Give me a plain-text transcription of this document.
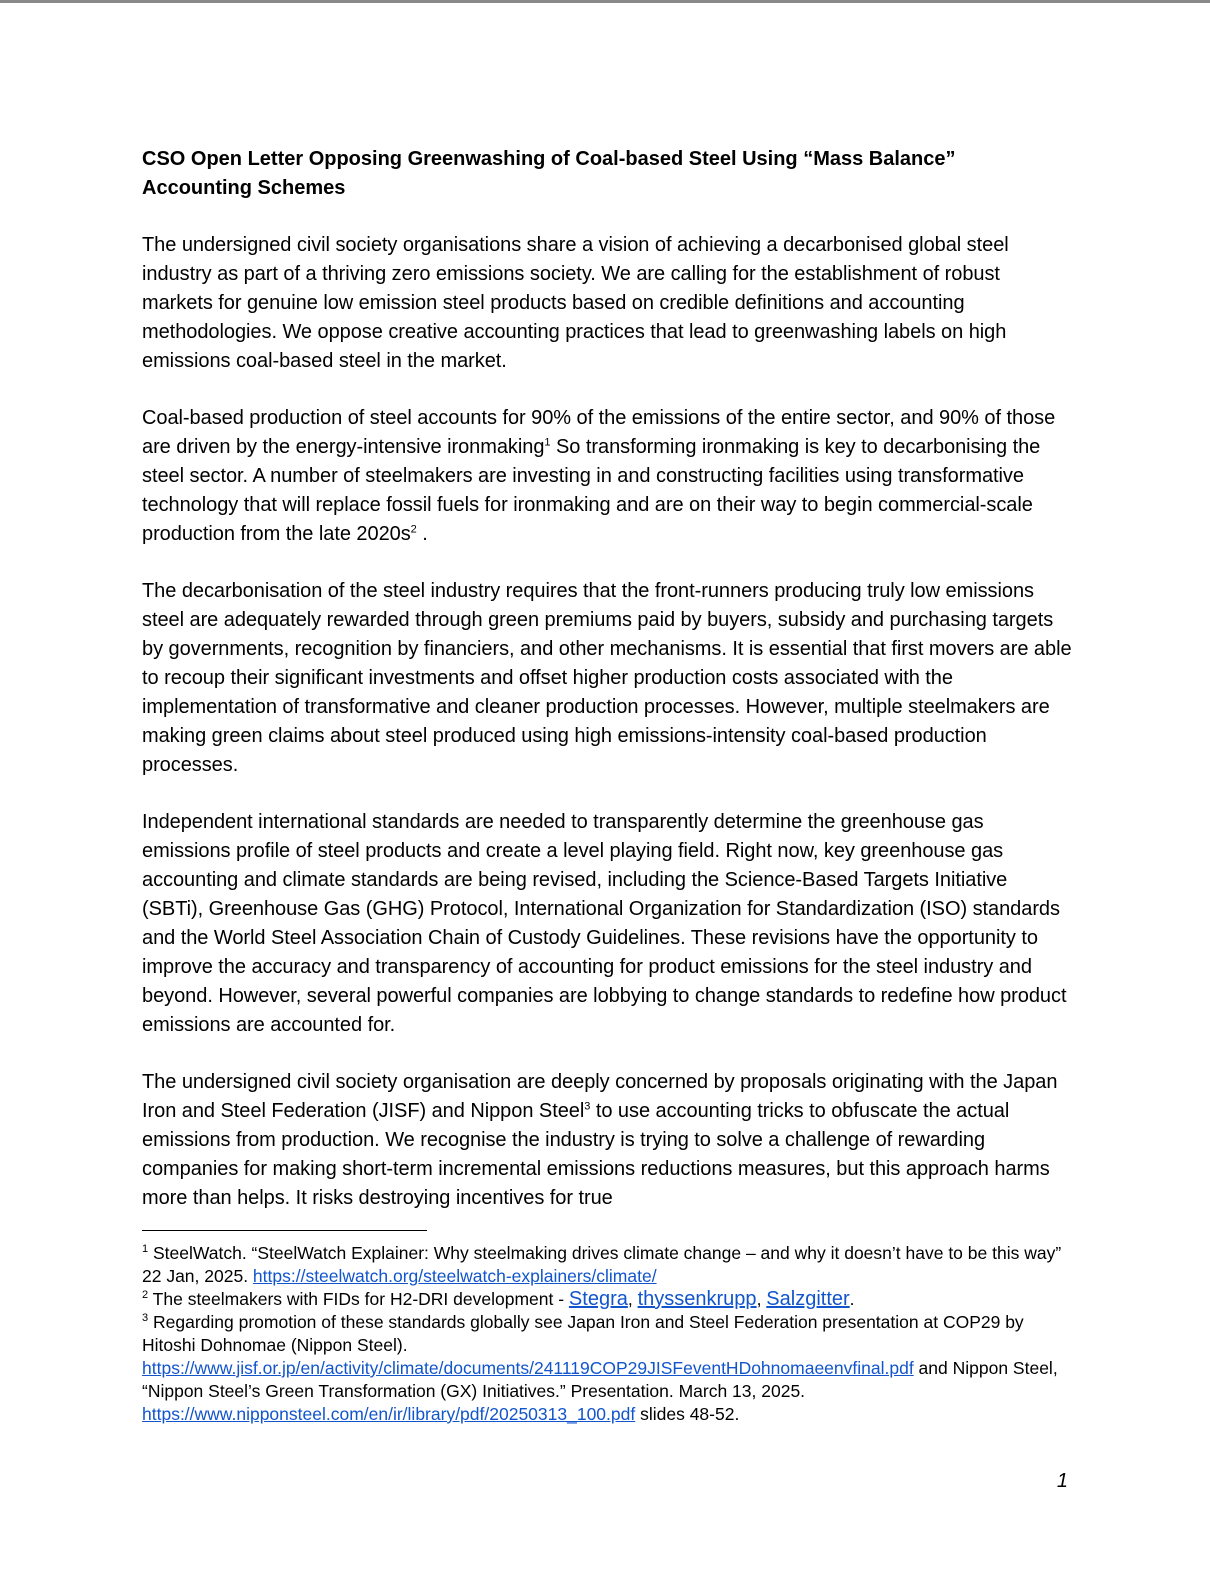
CSO Open Letter Opposing Greenwashing of Coal-based Steel Using “Mass Balance” Accounting Schemes

The undersigned civil society organisations share a vision of achieving a decarbonised global steel industry as part of a thriving zero emissions society. We are calling for the establishment of robust markets for genuine low emission steel products based on credible definitions and accounting methodologies. We oppose creative accounting practices that lead to greenwashing labels on high emissions coal-based steel in the market.

Coal-based production of steel accounts for 90% of the emissions of the entire sector, and 90% of those are driven by the energy-intensive ironmaking$^1$ So transforming ironmaking is key to decarbonising the steel sector. A number of steelmakers are investing in and constructing facilities using transformative technology that will replace fossil fuels for ironmaking and are on their way to begin commercial-scale production from the late $2020s^2$ .

The decarbonisation of the steel industry requires that the front-runners producing truly low emissions steel are adequately rewarded through green premiums paid by buyers, subsidy and purchasing targets by governments, recognition by financiers, and other mechanisms. It is essential that first movers are able to recoup their significant investments and offset higher production costs associated with the implementation of transformative and cleaner production processes. However, multiple steelmakers are making green claims about steel produced using high emissions-intensity coal-based production processes.

Independent international standards are needed to transparently determine the greenhouse gas emissions profile of steel products and create a level playing field. Right now, key greenhouse gas accounting and climate standards are being revised, including the Science-Based Targets Initiative (SBTi), Greenhouse Gas (GHG) Protocol, International Organization for Standardization (ISO) standards and the World Steel Association Chain of Custody Guidelines. These revisions have the opportunity to improve the accuracy and transparency of accounting for product emissions for the steel industry and beyond. However, several powerful companies are lobbying to change standards to redefine how product emissions are accounted for.

The undersigned civil society organisation are deeply concerned by proposals originating with the Japan Iron and Steel Federation (JISF) and Nippon Steel$^3$ to use accounting tricks to obfuscate the actual emissions from production. We recognise the industry is trying to solve a challenge of rewarding companies for making short-term incremental emissions reductions measures, but this approach harms more than helps. It risks destroying incentives for true

$^1$ SteelWatch. “SteelWatch Explainer: Why steelmaking drives climate change – and why it doesn’t have to be this way” 22 Jan, 2025. https://steelwatch.org/steelwatch-explainers/climate/

$^2$ The steelmakers with FIDs for H2-DRI development - Stegra, thyssenkrupp, Salzgitter.

$^3$ Regarding promotion of these standards globally see Japan Iron and Steel Federation presentation at COP29 by Hitoshi Dohnomae (Nippon Steel).
https://www.jisf.or.jp/en/activity/climate/documents/241119COP29JISFeventHDohnomaeenvfinal.pdf and Nippon Steel, “Nippon Steel’s Green Transformation (GX) Initiatives.” Presentation. March 13, 2025.
https://www.nipponsteel.com/en/ir/library/pdf/20250313_100.pdf slides 48-52.

1
